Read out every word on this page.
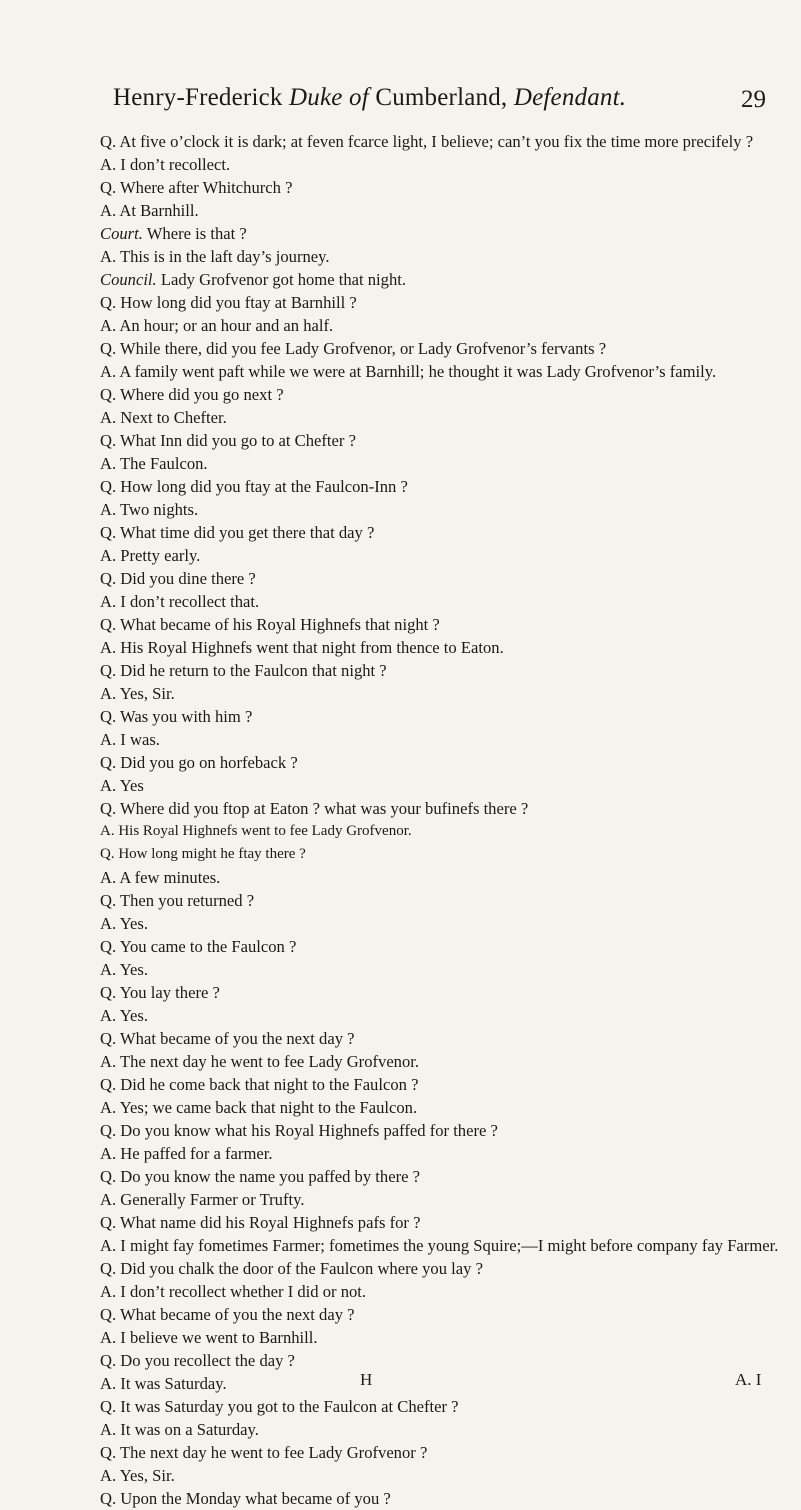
Henry-Frederick Duke of Cumberland, Defendant.	29

Q. At five o’clock it is dark; at feven fcarce light, I believe; can’t you fix the time more precifely ?

A. I don’t recollect.

Q. Where after Whitchurch ?

A. At Barnhill.

Court. Where is that ?

A. This is in the laft day’s journey.

Council. Lady Grofvenor got home that night.

Q. How long did you ftay at Barnhill ?

A. An hour; or an hour and an half.

Q. While there, did you fee Lady Grofvenor, or Lady Grofvenor’s fervants ?

A. A family went paft while we were at Barnhill; he thought it was Lady Grofvenor’s family.

Q. Where did you go next ?

A. Next to Chefter.

Q. What Inn did you go to at Chefter ?

A. The Faulcon.

Q. How long did you ftay at the Faulcon-Inn ?

A. Two nights.

Q. What time did you get there that day ?

A. Pretty early.

Q. Did you dine there ?

A. I don’t recollect that.

Q. What became of his Royal Highnefs that night ?

A. His Royal Highnefs went that night from thence to Eaton.

Q. Did he return to the Faulcon that night ?

A. Yes, Sir.

Q. Was you with him ?

A. I was.

Q. Did you go on horfeback ?

A. Yes

Q. Where did you ftop at Eaton ? what was your bufinefs there ?

A. His Royal Highnefs went to fee Lady Grofvenor.

Q. How long might he ftay there ?

A. A few minutes.

Q. Then you returned ?

A. Yes.

Q. You came to the Faulcon ?

A. Yes.

Q. You lay there ?

A. Yes.

Q. What became of you the next day ?

A. The next day he went to fee Lady Grofvenor.

Q. Did he come back that night to the Faulcon ?

A. Yes; we came back that night to the Faulcon.

Q. Do you know what his Royal Highnefs paffed for there ?

A. He paffed for a farmer.

Q. Do you know the name you paffed by there ?

A. Generally Farmer or Trufty.

Q. What name did his Royal Highnefs pafs for ?

A. I might fay fometimes Farmer; fometimes the young Squire;—I might before company fay Farmer.

Q. Did you chalk the door of the Faulcon where you lay ?

A. I don’t recollect whether I did or not.

Q. What became of you the next day ?

A. I believe we went to Barnhill.

Q. Do you recollect the day ?

A. It was Saturday.

Q. It was Saturday you got to the Faulcon at Chefter ?

A. It was on a Saturday.

Q. The next day he went to fee Lady Grofvenor ?

A. Yes, Sir.

Q. Upon the Monday what became of you ?

H	A. I
